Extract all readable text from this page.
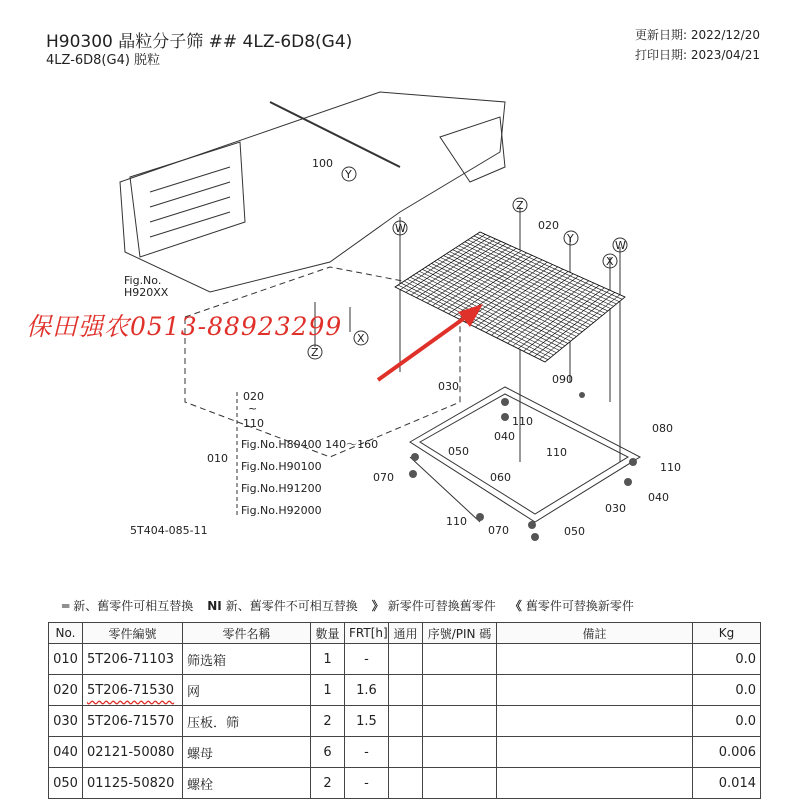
H90300 晶粒分子筛 ## 4LZ-6D8(G4)
4LZ-6D8(G4) 脱粒
更新日期: 2022/12/20
打印日期: 2023/04/21
100
020
030
090
110
040
050	110
080
110
070	060
040
030
110
070	050
Y
W
Z
Y
W
X
Z
X
Fig.No.
H920XX
020
~
110
010
Fig.No.H80400 140〜160
Fig.No.H90100
Fig.No.H91200
Fig.No.H92000
5T404-085-11
保田强农0513-88923299
═ 新、舊零件可相互替換 NI 新、舊零件不可相互替換 》 新零件可替換舊零件 《 舊零件可替換新零件
No.	零件編號	零件名稱	數量	FRT[h]	通用	序號/PIN 碼	備註	Kg
010	5T206-71103	筛选箱	1	-				0.0
020	5T206-71530	网	1	1.6				0.0
030	5T206-71570	压板．筛	2	1.5				0.0
040	02121-50080	螺母	6	-				0.006
050	01125-50820	螺栓	2	-				0.014
